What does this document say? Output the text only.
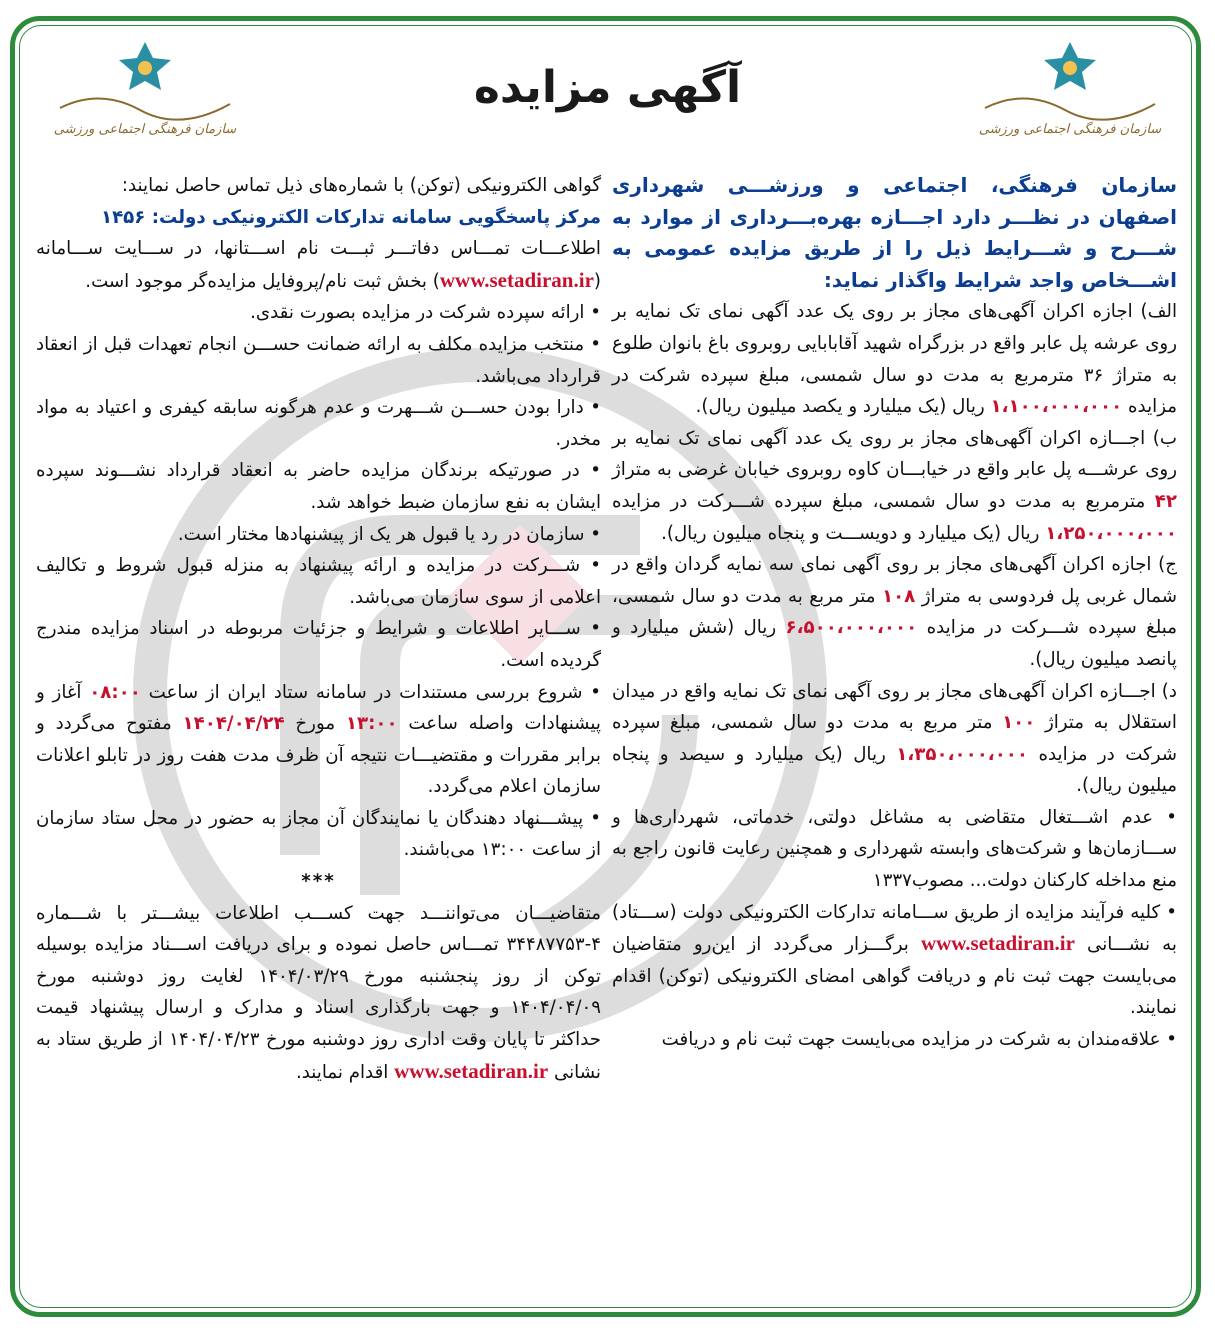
سازمان فرهنگی اجتماعی ورزشی
سازمان فرهنگی اجتماعی ورزشی
آگهی مزایده

سازمان فرهنگی، اجتماعی و ورزشـــی شهرداری اصفهان در نظـــر دارد اجـــازه بهره‌بـــرداری از موارد به شـــرح و شـــرایط ذیل را از طریق مزایده عمومی به اشـــخاص واجد شرایط واگذار نماید:

الف) اجازه اکران آگهی‌های مجاز بر روی یک عدد آگهی نمای تک نمایه بر روی عرشه پل عابر واقع در بزرگراه شهید آقابابایی روبروی باغ بانوان طلوع به متراژ ۳۶ مترمربع به مدت دو سال شمسی، مبلغ سپرده شرکت در مزایده ۱،۱۰۰،۰۰۰،۰۰۰ ریال (یک میلیارد و یکصد میلیون ریال).

ب) اجـــازه اکران آگهی‌های مجاز بر روی یک عدد آگهی نمای تک نمایه بر روی عرشـــه پل عابر واقع در خیابـــان کاوه روبروی خیابان غرضی به متراژ ۴۲ مترمربع به مدت دو سال شمسی، مبلغ سپرده شـــرکت در مزایده ۱،۲۵۰،۰۰۰،۰۰۰ ریال (یک میلیارد و دویســـت و پنجاه میلیون ریال).

ج) اجازه اکران آگهی‌های مجاز بر روی آگهی نمای سه نمایه گردان واقع در شمال غربی پل فردوسی به متراژ ۱۰۸ متر مربع به مدت دو سال شمسی، مبلغ سپرده شـــرکت در مزایده ۶،۵۰۰،۰۰۰،۰۰۰ ریال (شش میلیارد و پانصد میلیون ریال).

د) اجـــازه اکران آگهی‌های مجاز بر روی آگهی نمای تک نمایه واقع در میدان استقلال به متراژ ۱۰۰ متر مربع به مدت دو سال شمسی، مبلغ سپرده شرکت در مزایده ۱،۳۵۰،۰۰۰،۰۰۰ ریال (یک میلیارد و سیصد و پنجاه میلیون ریال).

• عدم اشـــتغال متقاضی به مشاغل دولتی، خدماتی، شهرداری‌ها و ســـازمان‌ها و شرکت‌های وابسته شهرداری و همچنین رعایت قانون راجع به منع مداخله کارکنان دولت... مصوب۱۳۳۷

• کلیه فرآیند مزایده از طریق ســـامانه تدارکات الکترونیکی دولت (ســـتاد) به نشـــانی www.setadiran.ir برگـــزار می‌گردد از این‌رو متقاضیان می‌بایست جهت ثبت نام و دریافت گواهی امضای الکترونیکی (توکن) اقدام نمایند.

• علاقه‌مندان به شرکت در مزایده می‌بایست جهت ثبت نام و دریافت

گواهی الکترونیکی (توکن) با شماره‌های ذیل تماس حاصل نمایند:

مرکز پاسخگویی سامانه تدارکات الکترونیکی دولت: ۱۴۵۶

اطلاعـــات تمـــاس دفاتـــر ثبـــت نام اســـتانها، در ســـایت ســـامانه (www.setadiran.ir) بخش ثبت نام/پروفایل مزایده‌گر موجود است.

• ارائه سپرده شرکت در مزایده بصورت نقدی.

• منتخب مزایده مکلف به ارائه ضمانت حســـن انجام تعهدات قبل از انعقاد قرارداد می‌باشد.

• دارا بودن حســـن شـــهرت و عدم هرگونه سابقه کیفری و اعتیاد به مواد مخدر.

• در صورتیکه برندگان مزایده حاضر به انعقاد قرارداد نشـــوند سپرده ایشان به نفع سازمان ضبط خواهد شد.

• سازمان در رد یا قبول هر یک از پیشنهادها مختار است.

• شـــرکت در مزایده و ارائه پیشنهاد به منزله قبول شروط و تکالیف اعلامی از سوی سازمان می‌باشد.

• ســـایر اطلاعات و شرایط و جزئیات مربوطه در اسناد مزایده مندرج گردیده است.

• شروع بررسی مستندات در سامانه ستاد ایران از ساعت ۰۸:۰۰ آغاز و پیشنهادات واصله ساعت ۱۳:۰۰ مورخ ۱۴۰۴/۰۴/۲۴ مفتوح می‌گردد و برابر مقررات و مقتضیـــات نتیجه آن ظرف مدت هفت روز در تابلو اعلانات سازمان اعلام می‌گردد.

• پیشـــنهاد دهندگان یا نمایندگان آن مجاز به حضور در محل ستاد سازمان از ساعت ۱۳:۰۰ می‌باشند.

***

متقاضیـــان می‌تواننـــد جهت کســـب اطلاعات بیشـــتر با شـــماره ۴-۳۴۴۸۷۷۵۳ تمـــاس حاصل نموده و برای دریافت اســـناد مزایده بوسیله توکن از روز پنجشنبه مورخ ۱۴۰۴/۰۳/۲۹ لغایت روز دوشنبه مورخ ۱۴۰۴/۰۴/۰۹ و جهت بارگذاری اسناد و مدارک و ارسال پیشنهاد قیمت حداکثر تا پایان وقت اداری روز دوشنبه مورخ ۱۴۰۴/۰۴/۲۳ از طریق ستاد به نشانی www.setadiran.ir اقدام نمایند.
